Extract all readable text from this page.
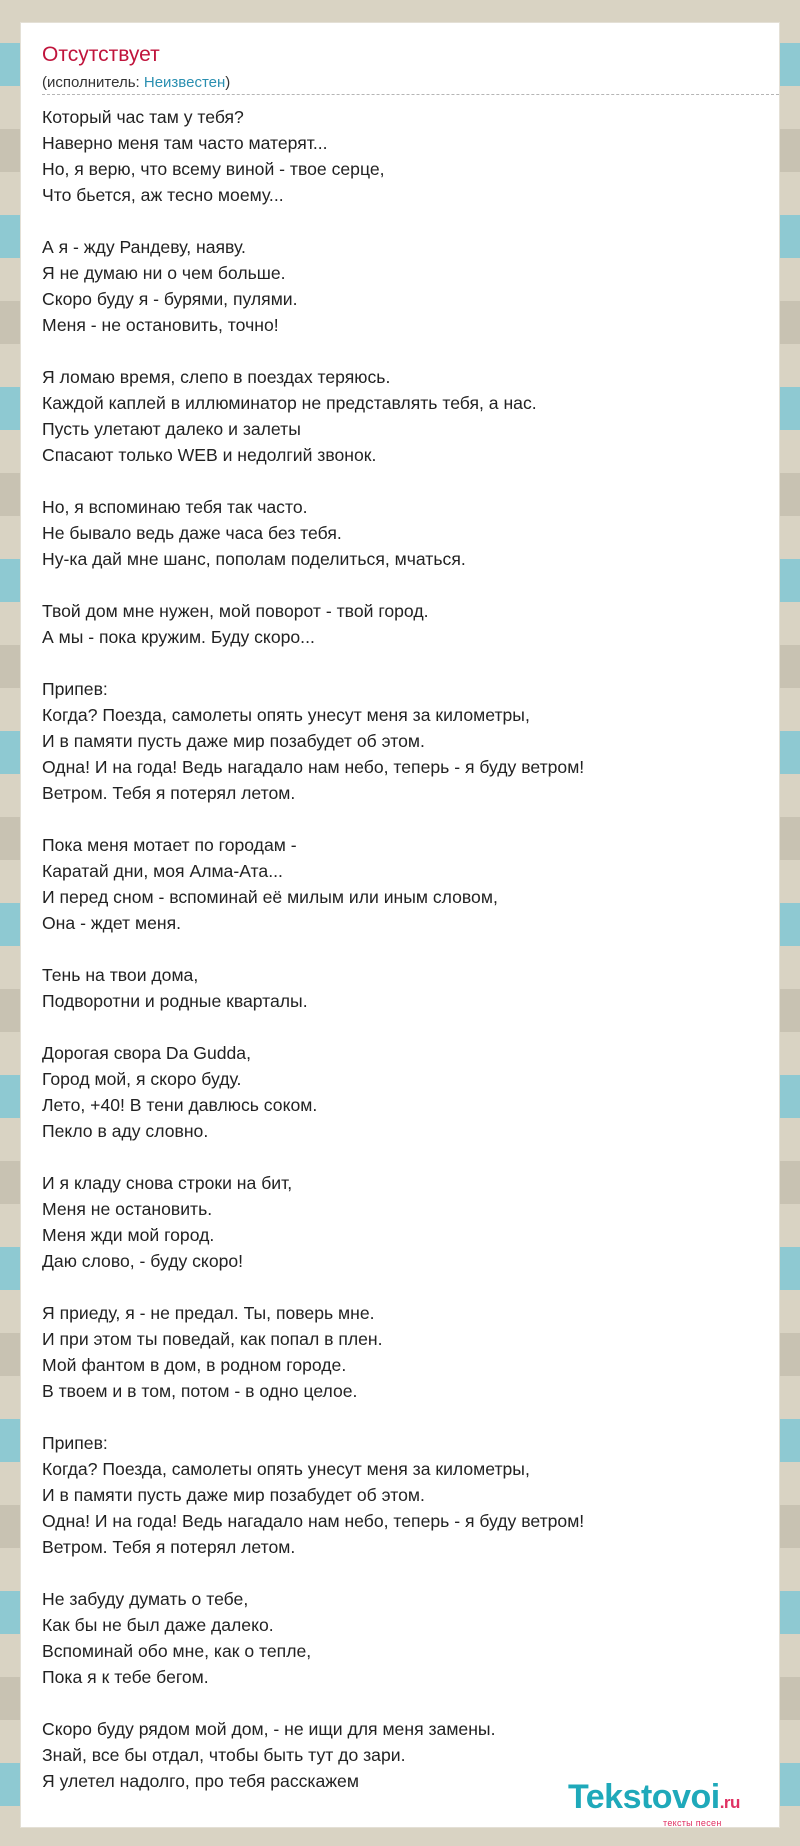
Отсутствует
(исполнитель: Неизвестен)
Который час там у тебя?
Наверно меня там часто матерят...
Но, я верю, что всему виной - твое серце,
Что бьется, аж тесно моему...
А я - жду Рандеву, наяву.
Я не думаю ни о чем больше.
Скоро буду я - бурями, пулями.
Меня - не остановить, точно!
Я ломаю время, слепо в поездах теряюсь.
Каждой каплей в иллюминатор не представлять тебя, а нас.
Пусть улетают далеко и залеты
Спасают только WEB и недолгий звонок.
Но, я вспоминаю тебя так часто.
Не бывало ведь даже часа без тебя.
Ну-ка дай мне шанс, пополам поделиться, мчаться.
Твой дом мне нужен, мой поворот - твой город.
А мы - пока кружим. Буду скоро...
Припев:
Когда? Поезда, самолеты опять унесут меня за километры,
И в памяти пусть даже мир позабудет об этом.
Одна! И на года! Ведь нагадало нам небо, теперь - я буду ветром!
Ветром. Тебя я потерял летом.
Пока меня мотает по городам -
Каратай дни, моя Алма-Ата...
И перед сном - вспоминай её милым или иным словом,
Она - ждет меня.
Тень на твои дома,
Подворотни и родные кварталы.
Дорогая свора Da Gudda,
Город мой, я скоро буду.
Лето, +40! В тени давлюсь соком.
Пекло в аду словно.
И я кладу снова строки на бит,
Меня не остановить.
Меня жди мой город.
Даю слово, - буду скоро!
Я приеду, я - не предал. Ты, поверь мне.
И при этом ты поведай, как попал в плен.
Мой фантом в дом, в родном городе.
В твоем и в том, потом - в одно целое.
Припев:
Когда? Поезда, самолеты опять унесут меня за километры,
И в памяти пусть даже мир позабудет об этом.
Одна! И на года! Ведь нагадало нам небо, теперь - я буду ветром!
Ветром. Тебя я потерял летом.
Не забуду думать о тебе,
Как бы не был даже далеко.
Вспоминай обо мне, как о тепле,
Пока я к тебе бегом.
Скоро буду рядом мой дом, - не ищи для меня замены.
Знай, все бы отдал, чтобы быть тут до зари.
Я улетел надолго, про тебя расскажем	Tekstovoi.ru
тексты песен
